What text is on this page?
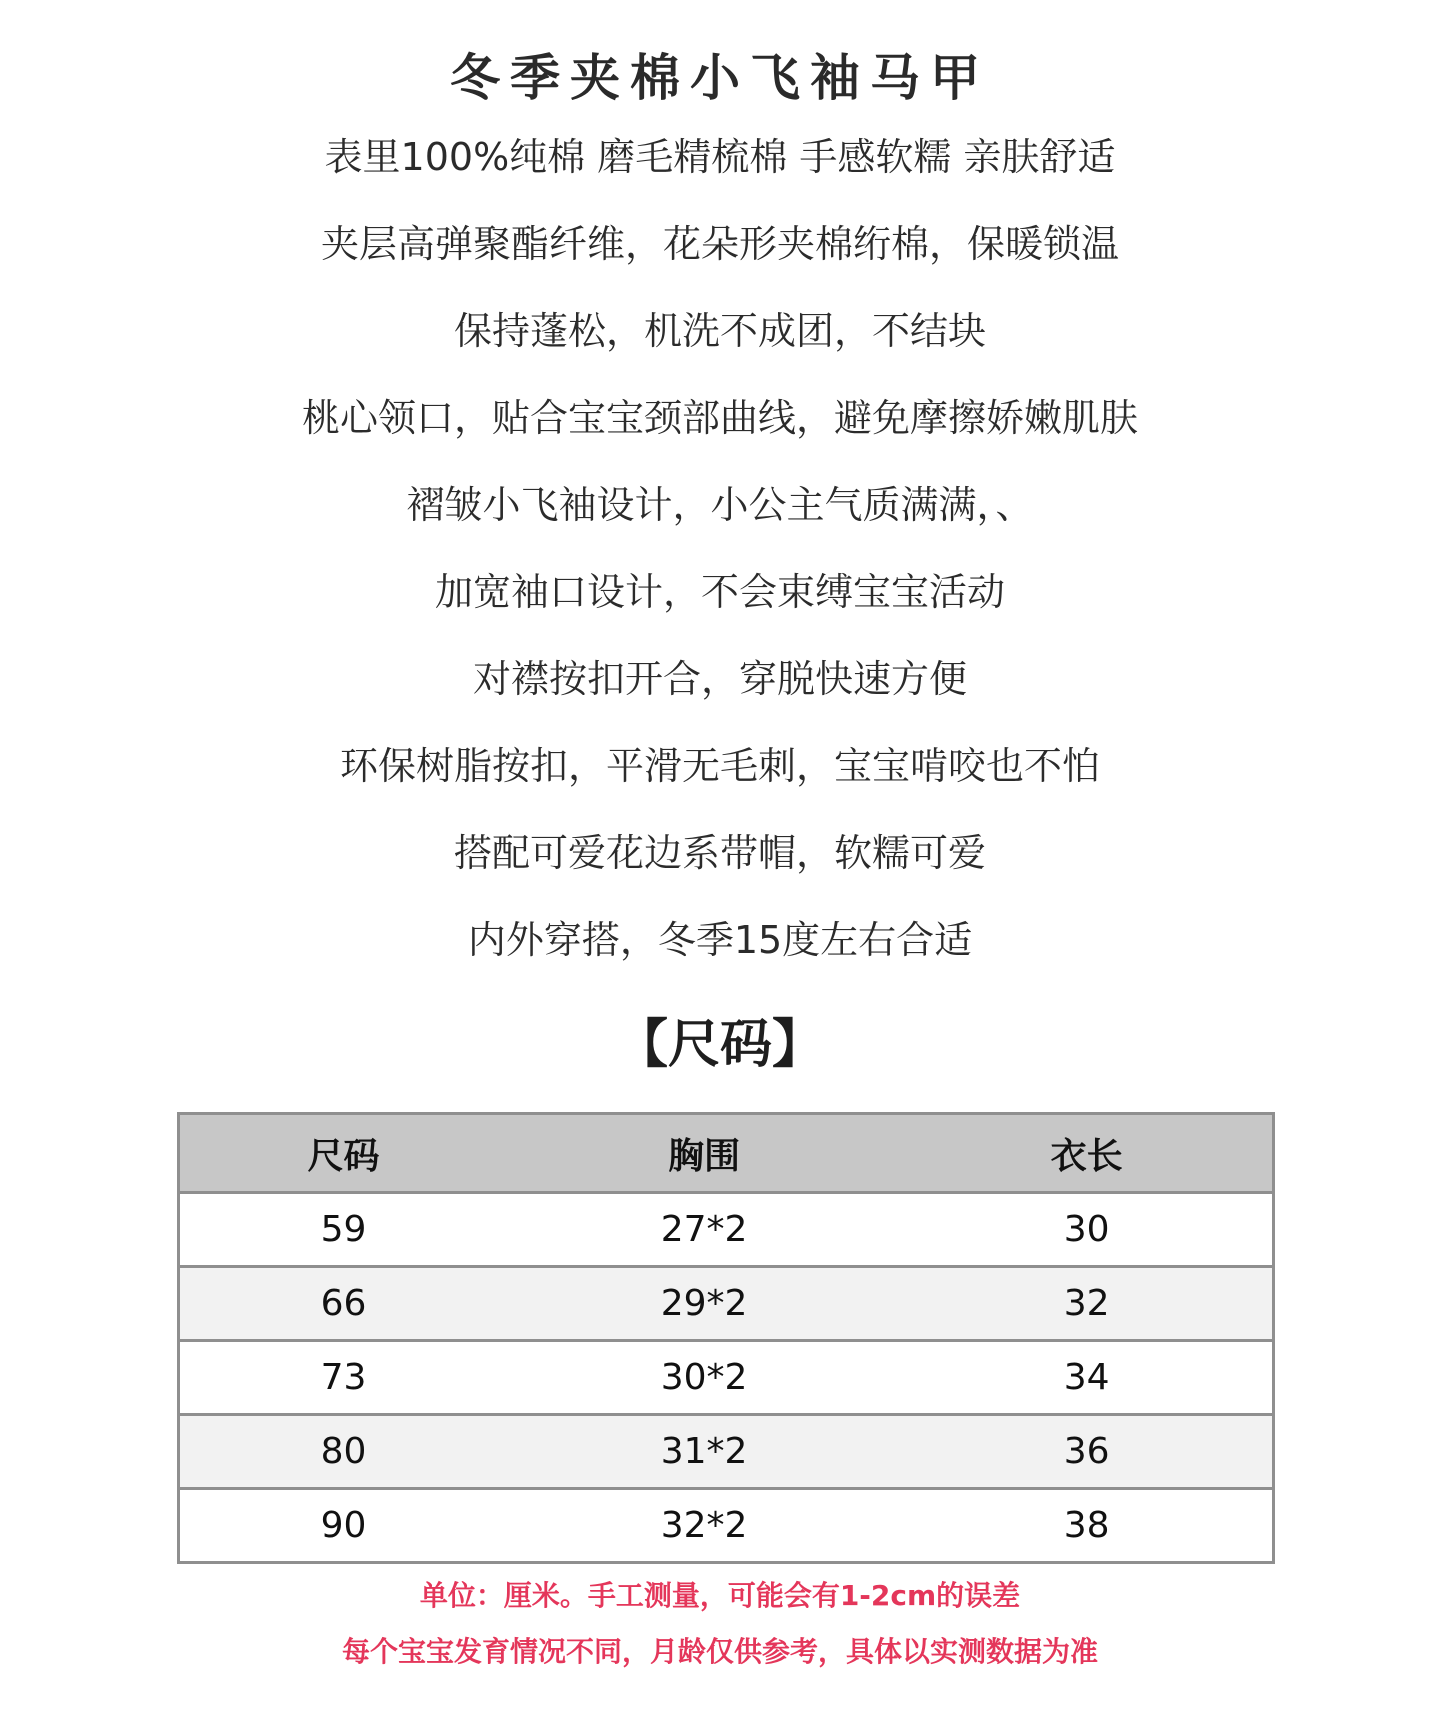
冬季夹棉小飞袖马甲
表里100%纯棉 磨毛精梳棉 手感软糯 亲肤舒适
夹层高弹聚酯纤维，花朵形夹棉绗棉，保暖锁温
保持蓬松，机洗不成团，不结块
桃心领口，贴合宝宝颈部曲线，避免摩擦娇嫩肌肤
褶皱小飞袖设计，小公主气质满满，、
加宽袖口设计，不会束缚宝宝活动
对襟按扣开合，穿脱快速方便
环保树脂按扣，平滑无毛刺，宝宝啃咬也不怕
搭配可爱花边系带帽，软糯可爱
内外穿搭，冬季15度左右合适
【尺码】
尺码	胸围	衣长
59	27*2	30
66	29*2	32
73	30*2	34
80	31*2	36
90	32*2	38
单位：厘米。手工测量，可能会有1-2cm的误差
每个宝宝发育情况不同，月龄仅供参考，具体以实测数据为准
